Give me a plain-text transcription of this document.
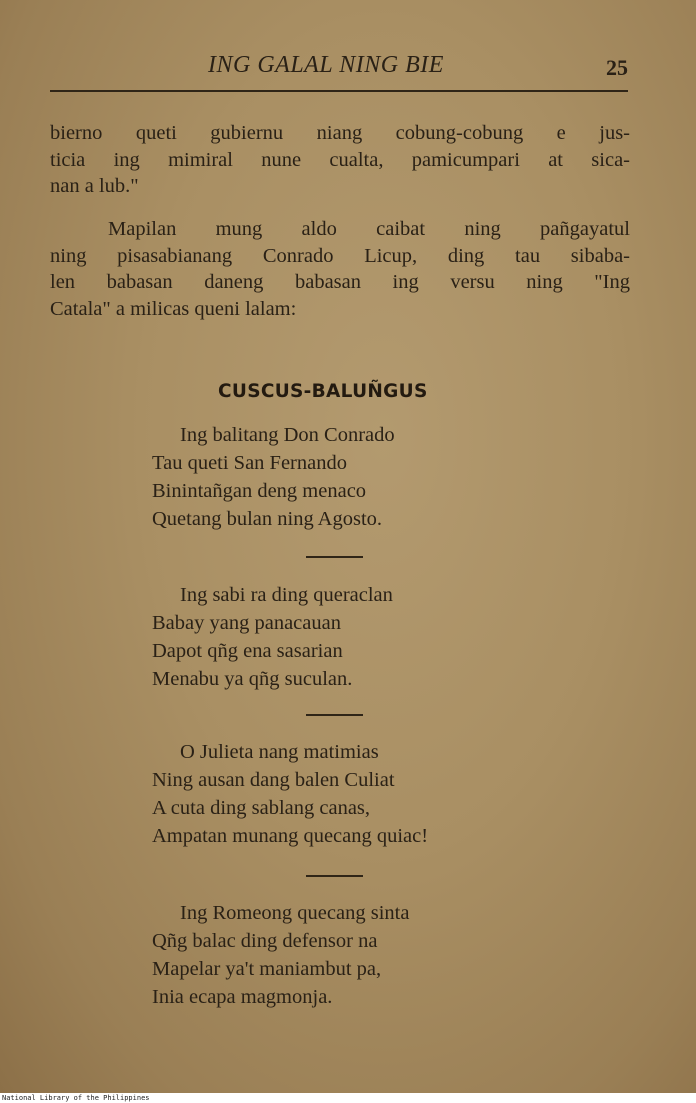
ING GALAL NING BIE	25
bierno queti gubiernu niang cobung-cobung e jus-
ticia ing mimiral nune cualta, pamicumpari at sica-
nan a lub."
Mapilan mung aldo caibat ning pañgayatul
ning pisasabianang Conrado Licup, ding tau sibaba-
len babasan daneng babasan ing versu ning "Ing
Catala" a milicas queni lalam:
CUSCUS-BALUÑGUS
Ing balitang Don Conrado
Tau queti San Fernando
Binintañgan deng menaco
Quetang bulan ning Agosto.
Ing sabi ra ding queraclan
Babay yang panacauan
Dapot qñg ena sasarian
Menabu ya qñg suculan.
O Julieta nang matimias
Ning ausan dang balen Culiat
A cuta ding sablang canas,
Ampatan munang quecang quiac!
Ing Romeong quecang sinta
Qñg balac ding defensor na
Mapelar ya't maniambut pa,
Inia ecapa magmonja.
National Library of the Philippines
